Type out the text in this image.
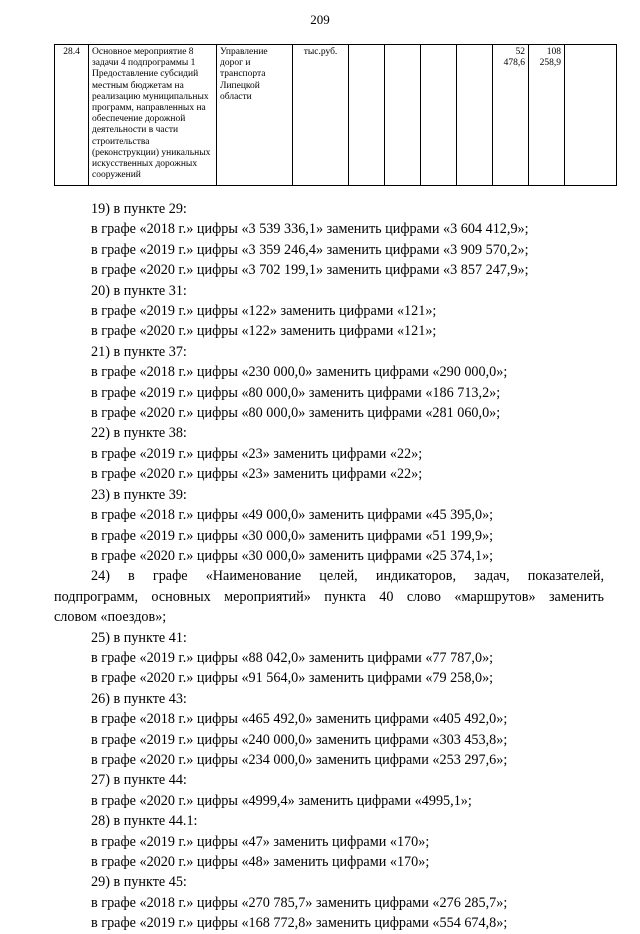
209
28.4	Основное мероприятие 8 задачи 4 подпрограммы 1 Предоставление субсидий местным бюджетам на реализацию муниципальных программ, направленных на обеспечение дорожной деятельности в части строительства (реконструкции) уникальных искусственных дорожных сооружений	Управление дорог и транспорта Липецкой области	тыс.руб.					52 478,6	108 258,9	
19) в пункте 29:
в графе «2018 г.» цифры «3 539 336,1» заменить цифрами «3 604 412,9»;
в графе «2019 г.» цифры «3 359 246,4» заменить цифрами «3 909 570,2»;
в графе «2020 г.» цифры «3 702 199,1» заменить цифрами «3 857 247,9»;
20) в пункте 31:
в графе «2019 г.» цифры «122» заменить цифрами «121»;
в графе «2020 г.» цифры «122» заменить цифрами «121»;
21) в пункте 37:
в графе «2018 г.» цифры «230 000,0» заменить цифрами «290 000,0»;
в графе «2019 г.» цифры «80 000,0» заменить цифрами «186 713,2»;
в графе «2020 г.» цифры «80 000,0» заменить цифрами «281 060,0»;
22) в пункте 38:
в графе «2019 г.» цифры «23» заменить цифрами «22»;
в графе «2020 г.» цифры «23» заменить цифрами «22»;
23) в пункте 39:
в графе «2018 г.» цифры «49 000,0» заменить цифрами «45 395,0»;
в графе «2019 г.» цифры «30 000,0» заменить цифрами «51 199,9»;
в графе «2020 г.» цифры «30 000,0» заменить цифрами «25 374,1»;
24) в графе «Наименование целей, индикаторов, задач, показателей,
подпрограмм, основных мероприятий» пункта 40 слово «маршрутов» заменить
словом «поездов»;
25) в пункте 41:
в графе «2019 г.» цифры «88 042,0» заменить цифрами «77 787,0»;
в графе «2020 г.» цифры «91 564,0» заменить цифрами «79 258,0»;
26) в пункте 43:
в графе «2018 г.» цифры «465 492,0» заменить цифрами «405 492,0»;
в графе «2019 г.» цифры «240 000,0» заменить цифрами «303 453,8»;
в графе «2020 г.» цифры «234 000,0» заменить цифрами «253 297,6»;
27) в пункте 44:
в графе «2020 г.» цифры «4999,4» заменить цифрами «4995,1»;
28) в пункте 44.1:
в графе «2019 г.» цифры «47» заменить цифрами «170»;
в графе «2020 г.» цифры «48» заменить цифрами «170»;
29) в пункте 45:
в графе «2018 г.» цифры «270 785,7» заменить цифрами «276 285,7»;
в графе «2019 г.» цифры «168 772,8» заменить цифрами «554 674,8»;
